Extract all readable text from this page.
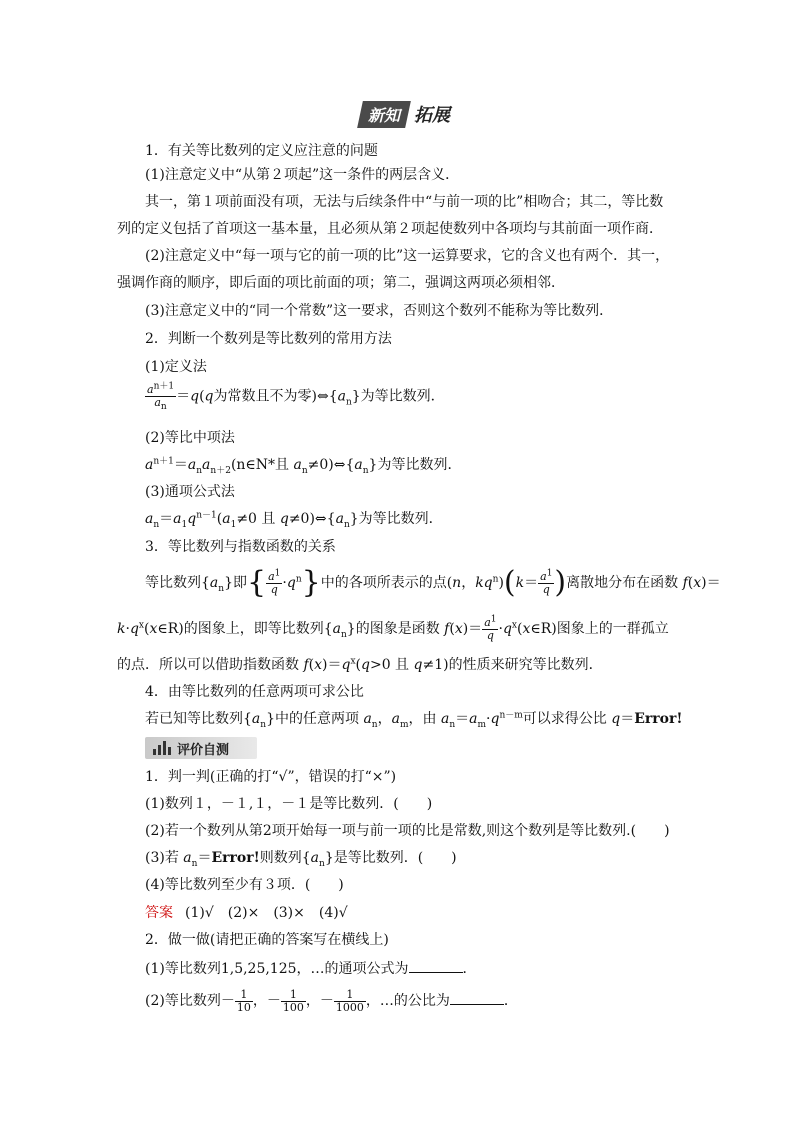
新知 拓展
1．有关等比数列的定义应注意的问题
(1)注意定义中“从第２项起”这一条件的两层含义．
其一，第１项前面没有项，无法与后续条件中“与前一项的比”相吻合；其二，等比数
列的定义包括了首项这一基本量，且必须从第２项起使数列中各项均与其前面一项作商．
(2)注意定义中“每一项与它的前一项的比”这一运算要求，它的含义也有两个．其一，
强调作商的顺序，即后面的项比前面的项；第二，强调这两项必须相邻．
(3)注意定义中的“同一个常数”这一要求，否则这个数列不能称为等比数列．
2．判断一个数列是等比数列的常用方法
(1)定义法
$\frac{a^{n+1}}{a_n} =q(q$为常数且不为零)$\Leftrightarrow\{a_n\}$为等比数列．
(2)等比中项法
$a^{n+1}=a_na_{n+2}(n\in N*$且 $a_n\ne 0)\Leftrightarrow\{a_n\}$为等比数列．
(3)通项公式法
$a_n=a_1q^{n-1}(a_1\ne 0$ 且 $q\ne 0)\Leftrightarrow\{a_n\}$为等比数列．
3．等比数列与指数函数的关系
等比数列$\{a_n\}$即{ $\frac{a^1}{q} \cdot q^n$}中的各项所表示的点(n，$kq^n)(k= \frac{a^1}{q}$ )离散地分布在函数 f(x)＝
$k\cdot q^x(x\in R)$的图象上，即等比数列$\{a_n\}$的图象是函数 $f(x)= \frac{a^1}{q}$ $\cdot q^x(x\in R)$图象上的一群孤立
的点．所以可以借助指数函数 $f(x)=q^x(q>0$ 且 q≠1)的性质来研究等比数列．
4．由等比数列的任意两项可求公比
若已知等比数列$\{a_n\}$中的任意两项 $a_n$，$a_m$，由 $a_n=a_m\cdot q^{n-m}$可以求得公比 q＝Error!
评价自测
1．判一判(正确的打“√”，错误的打“×”)
(1)数列１，－１,１，－１是等比数列．(　　)
(2)若一个数列从第2项开始每一项与前一项的比是常数,则这个数列是等比数列.(　　)
(3)若 $a_n=Error$!则数列$\{a_n\}$是等比数列．(　　)
(4)等比数列至少有３项．(　　)
答案 (1)√　(2)×　(3)×　(4)√
2．做一做(请把正确的答案写在横线上)
(1)等比数列1,5,25,125，…的通项公式为	．
(2)等比数列－ $\frac{1}{10}$ ，－ $\frac{1}{100}$ ，－ $\frac{1}{1000}$ ，…的公比为	．
